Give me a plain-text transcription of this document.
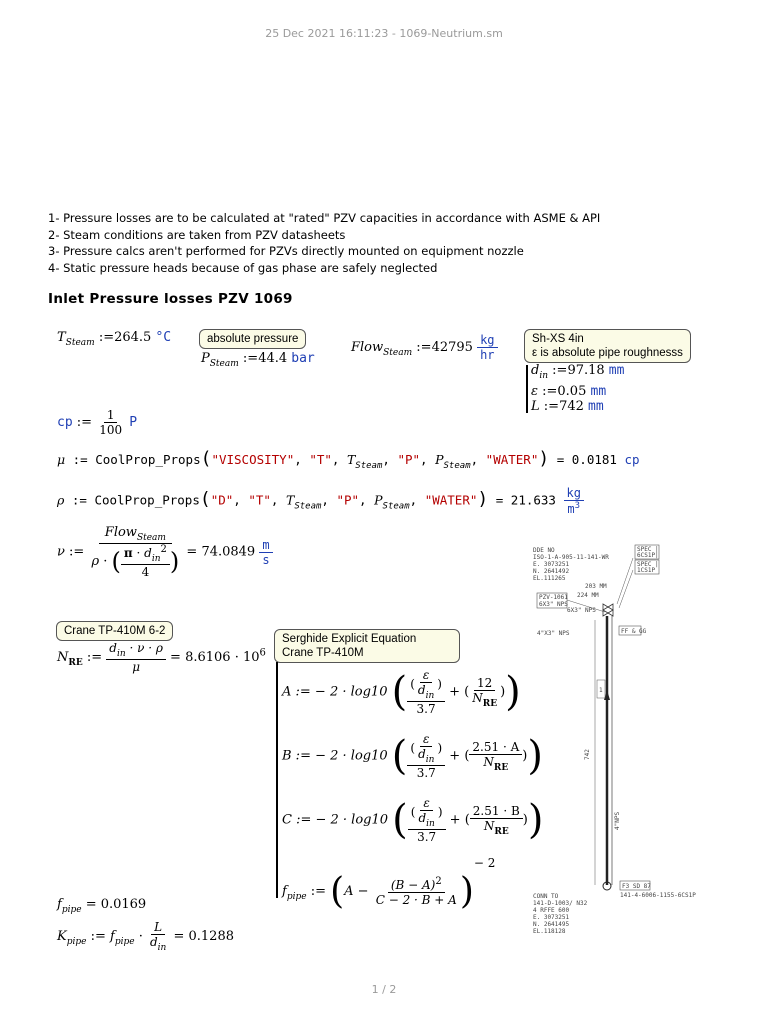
25 Dec 2021 16:11:23 - 1069-Neutrium.sm
1 / 2
1- Pressure losses are to be calculated at "rated" PZV capacities in accordance with ASME & API
2- Steam conditions are taken from PZV datasheets
3- Pressure calcs aren't performed for PZVs directly mounted on equipment nozzle
4- Static pressure heads because of gas phase are safely neglected
Inlet Pressure losses PZV 1069
$T_{Steam}$ :=264.5 °C	absolute pressure
$P_{Steam}$ :=44.4 bar
Flow$_{Steam}$ :=42795 $\frac{kg}{hr}$	Sh-XS 4in
ε is absolute pipe roughnesss
$d_{in}$ :=97.18 mm
ε :=0.05 mm
L :=742 mm
cp := $\frac{1}{100}$ P
μ := CoolProp_Props("VISCOSITY", "T", $T_{Steam}$, "P", $P_{Steam}$, "WATER") = 0.0181 cp
ρ := CoolProp_Props("D", "T", $T_{Steam}$, "P", $P_{Steam}$, "WATER") = $21.633 \frac{kg}{m^3}$
ν := $\frac{Flow_{Steam}}{\rho \cdot ( \frac{\pi \cdot d_{in}^2}{4} )} = 74.0849 \frac{m}{s}$
Crane TP-410M 6-2
$N_{RE}$ := $\frac{d_{in} \cdot \nu \cdot \rho}{\mu} = 8.6106 \cdot 10^6$
Serghide Explicit Equation
Crane TP-410M
A := − 2 · log10 ( $\frac{( \frac{\varepsilon}{d_{in}} )}{3.7}$ + ( $\frac{12}{N_{RE}}$ ))
B := − 2 · log10 ( $\frac{( \frac{\varepsilon}{d_{in}} )}{3.7}$ + ( $\frac{2.51 \cdot A}{N_{RE}}$ ))
C := − 2 · log10 ( $\frac{( \frac{\varepsilon}{d_{in}} )}{3.7}$ + ( $\frac{2.51 \cdot B}{N_{RE}}$ ))
$f_{pipe}$ := $(A - \frac{(B - A)^2}{C - 2 \cdot B + A} )^{- 2}$
$f_{pipe} = 0.0169$
$K_{pipe}$ := $f_{pipe} \cdot \frac{L}{d_{in}} = 0.1288$
DDE NO
ISO-1-A-905-11-141-WR
E. 3073251
N. 2641492
EL.111265
SPEC |
6CS1P|
SPEC |
1CS1P
203 MM
224 MM
6X3" NPS
PZV-1061
6X3" NPS
4"X3" NPS	FF & GG
742
4"NPS
1
CONN TO
141-D-1003/ N32
4 RFFE 600
E. 3073251
N. 2641495
EL.118128
F3 SD 87
141-4-6006-1155-6CS1P
